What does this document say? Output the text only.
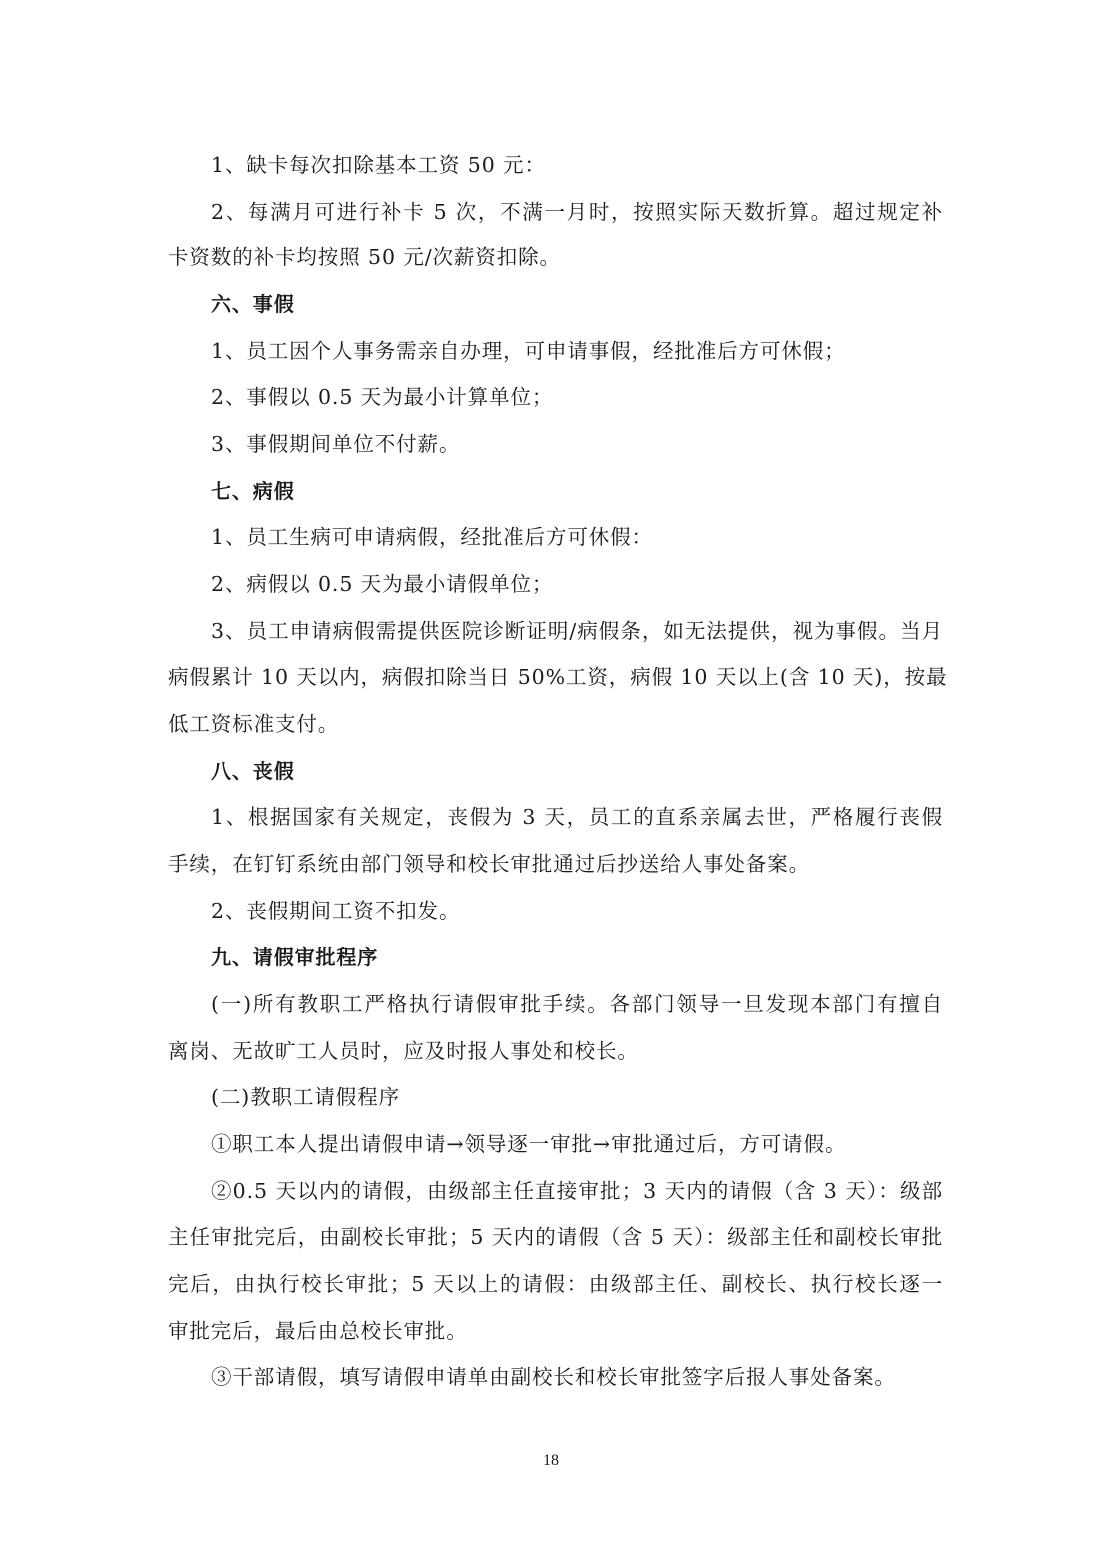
1、缺卡每次扣除基本工资 50 元：
2、每满月可进行补卡 5 次，不满一月时，按照实际天数折算。超过规定补
卡资数的补卡均按照 50 元/次薪资扣除。
六、事假
1、员工因个人事务需亲自办理，可申请事假，经批准后方可休假；
2、事假以 0.5 天为最小计算单位；
3、事假期间单位不付薪。
七、病假
1、员工生病可申请病假，经批准后方可休假：
2、病假以 0.5 天为最小请假单位；
3、员工申请病假需提供医院诊断证明/病假条，如无法提供，视为事假。当月
病假累计 10 天以内，病假扣除当日 50%工资，病假 10 天以上(含 10 天)，按最
低工资标准支付。
八、丧假
1、根据国家有关规定，丧假为 3 天，员工的直系亲属去世，严格履行丧假
手续，在钉钉系统由部门领导和校长审批通过后抄送给人事处备案。
2、丧假期间工资不扣发。
九、请假审批程序
(一)所有教职工严格执行请假审批手续。各部门领导一旦发现本部门有擅自
离岗、无故旷工人员时，应及时报人事处和校长。
(二)教职工请假程序
①职工本人提出请假申请→领导逐一审批→审批通过后，方可请假。
②0.5 天以内的请假，由级部主任直接审批；3 天内的请假（含 3 天）：级部
主任审批完后，由副校长审批；5 天内的请假（含 5 天）：级部主任和副校长审批
完后，由执行校长审批；5 天以上的请假：由级部主任、副校长、执行校长逐一
审批完后，最后由总校长审批。
③干部请假，填写请假申请单由副校长和校长审批签字后报人事处备案。
18
